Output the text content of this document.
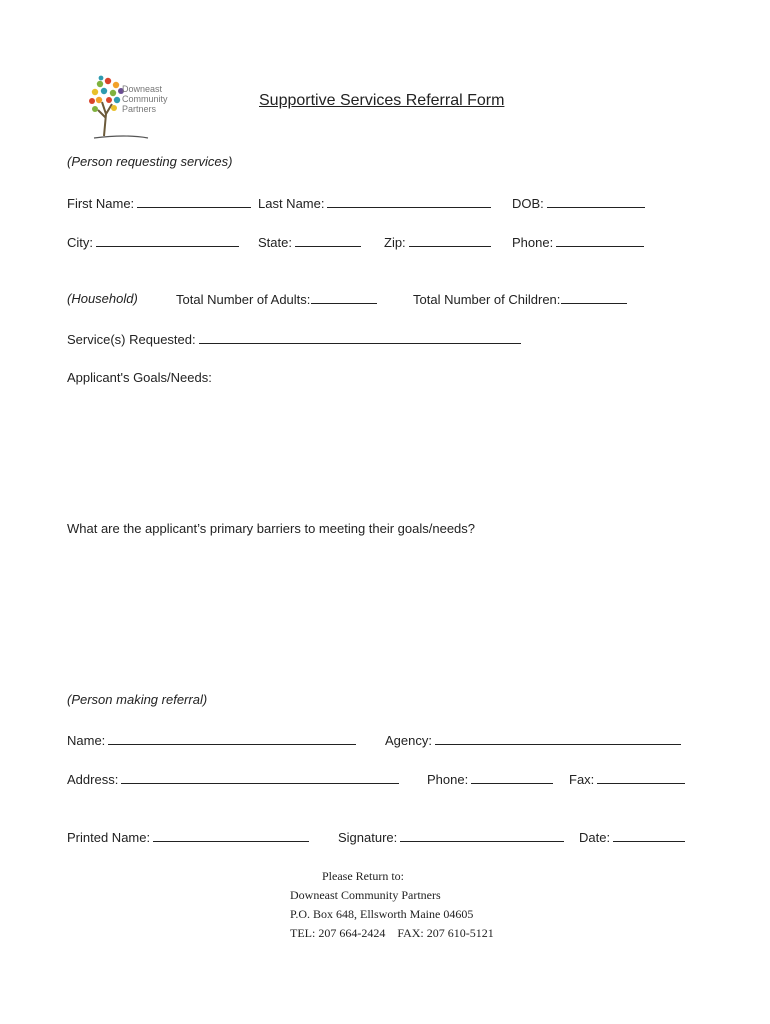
Downeast
Community
Partners	Supportive Services Referral Form
(Person requesting services)
First Name:	Last Name:	DOB:
City:	State:	Zip:	Phone:
(Household)	Total Number of Adults:	Total Number of Children:
Service(s) Requested:
Applicant's Goals/Needs:
What are the applicant’s primary barriers to meeting their goals/needs?
(Person making referral)
Name:	Agency:
Address:	Phone:	Fax:
Printed Name:	Signature:	Date:
Please Return to:
Downeast Community Partners
P.O. Box 648, Ellsworth Maine 04605
TEL: 207 664-2424    FAX: 207 610-5121
